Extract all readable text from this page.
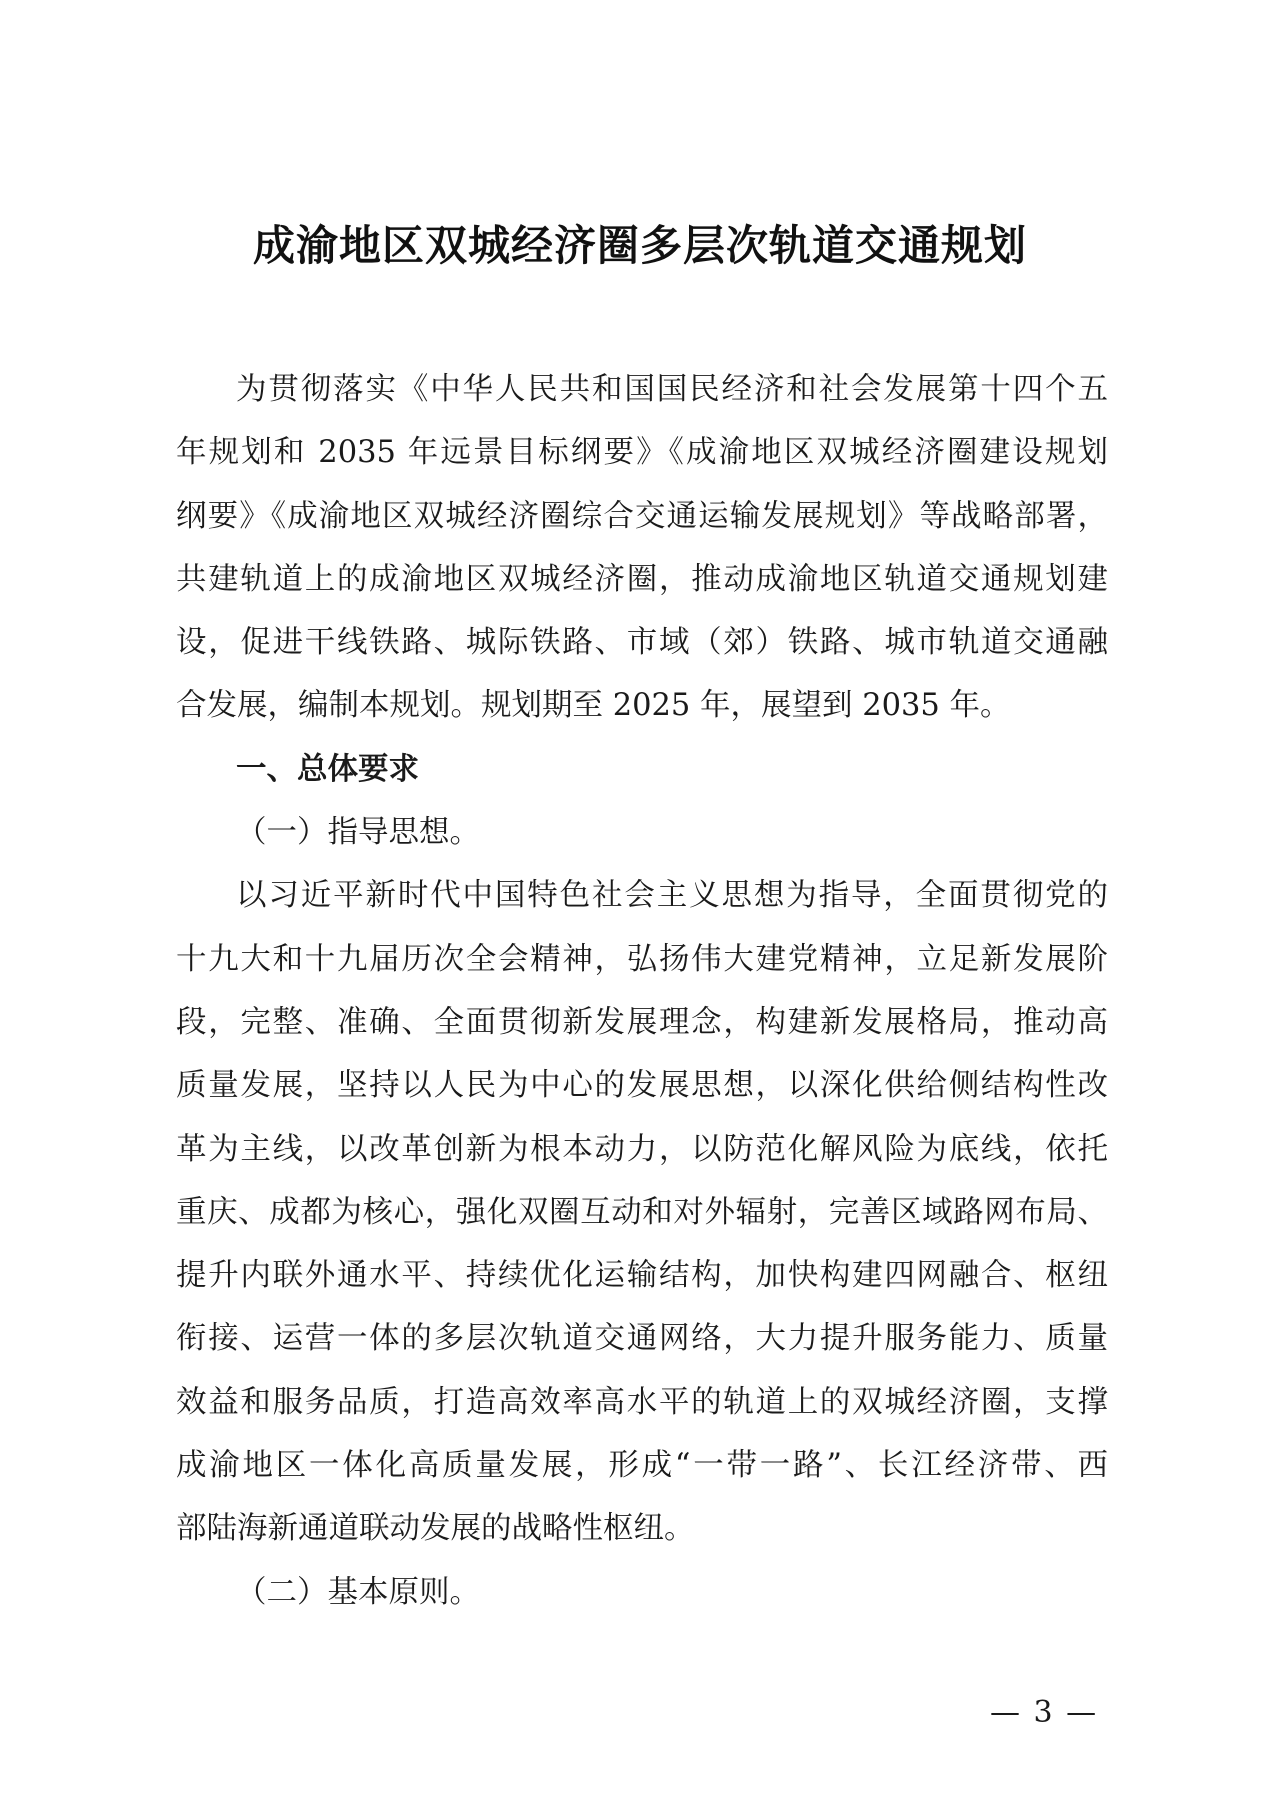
成渝地区双城经济圈多层次轨道交通规划
为贯彻落实《中华人民共和国国民经济和社会发展第十四个五
年规划和 2035 年远景目标纲要》《成渝地区双城经济圈建设规划
纲要》《成渝地区双城经济圈综合交通运输发展规划》等战略部署，
共建轨道上的成渝地区双城经济圈，推动成渝地区轨道交通规划建
设，促进干线铁路、城际铁路、市域（郊）铁路、城市轨道交通融
合发展，编制本规划。规划期至 2025 年，展望到 2035 年。
一、总体要求
（一）指导思想。
以习近平新时代中国特色社会主义思想为指导，全面贯彻党的
十九大和十九届历次全会精神，弘扬伟大建党精神，立足新发展阶
段，完整、准确、全面贯彻新发展理念，构建新发展格局，推动高
质量发展，坚持以人民为中心的发展思想，以深化供给侧结构性改
革为主线，以改革创新为根本动力，以防范化解风险为底线，依托
重庆、成都为核心，强化双圈互动和对外辐射，完善区域路网布局、
提升内联外通水平、持续优化运输结构，加快构建四网融合、枢纽
衔接、运营一体的多层次轨道交通网络，大力提升服务能力、质量
效益和服务品质，打造高效率高水平的轨道上的双城经济圈，支撑
成渝地区一体化高质量发展，形成“一带一路”、长江经济带、西
部陆海新通道联动发展的战略性枢纽。
（二）基本原则。
— 3 —
